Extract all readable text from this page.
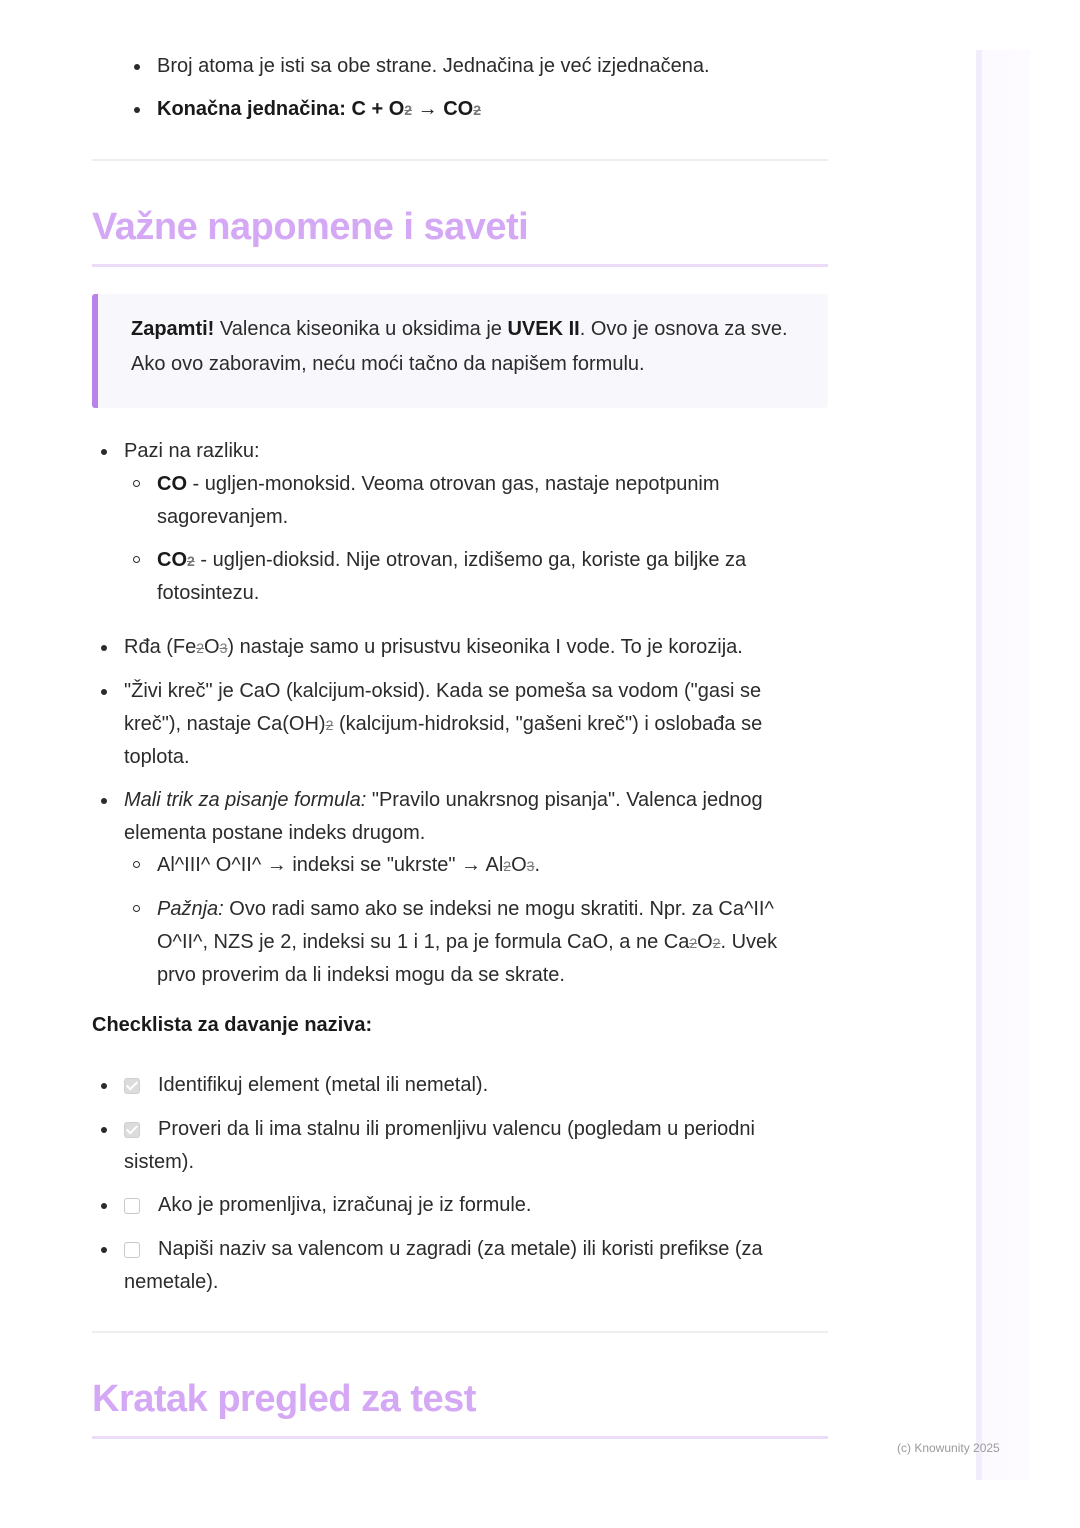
Broj atoma je isti sa obe strane. Jednačina je već izjednačena.
Konačna jednačina: C + O2 → CO2
Važne napomene i saveti
Zapamti! Valenca kiseonika u oksidima je UVEK II. Ovo je osnova za sve. Ako ovo zaboravim, neću moći tačno da napišem formulu.
Pazi na razliku:
CO - ugljen-monoksid. Veoma otrovan gas, nastaje nepotpunim
sagorevanjem.
CO2 - ugljen-dioksid. Nije otrovan, izdišemo ga, koriste ga biljke za
fotosintezu.
Rđa (Fe2O3) nastaje samo u prisustvu kiseonika I vode. To je korozija.
"Živi kreč" je CaO (kalcijum-oksid). Kada se pomeša sa vodom ("gasi se
kreč"), nastaje Ca(OH)2 (kalcijum-hidroksid, "gašeni kreč") i oslobađa se
toplota.
Mali trik za pisanje formula: "Pravilo unakrsnog pisanja". Valenca jednog
elementa postane indeks drugom.
Al^III^ O^II^ → indeksi se "ukrste" → Al2O3.
Pažnja: Ovo radi samo ako se indeksi ne mogu skratiti. Npr. za Ca^II^
O^II^, NZS je 2, indeksi su 1 i 1, pa je formula CaO, a ne Ca2O2. Uvek
prvo proverim da li indeksi mogu da se skrate.
Checklista za davanje naziva:
Identifikuj element (metal ili nemetal).
Proveri da li ima stalnu ili promenljivu valencu (pogledam u periodni
sistem).
Ako je promenljiva, izračunaj je iz formule.
Napiši naziv sa valencom u zagradi (za metale) ili koristi prefikse (za
nemetale).
Kratak pregled za test
(c) Knowunity 2025
